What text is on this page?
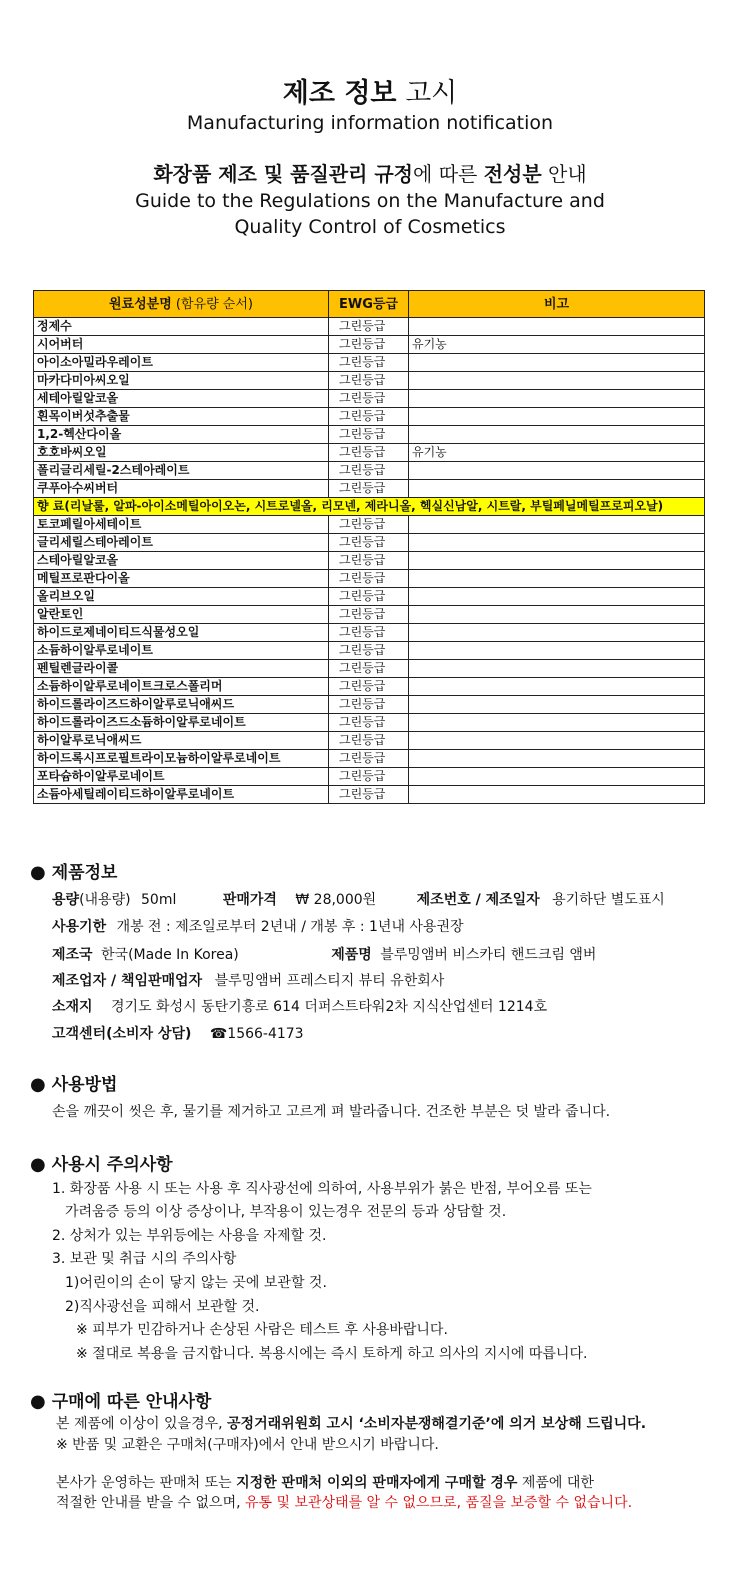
제조 정보 고시
Manufacturing information notification
화장품 제조 및 품질관리 규정에 따른 전성분 안내
Guide to the Regulations on the Manufacture and
Quality Control of Cosmetics
원료성분명 (함유량 순서)	EWG등급	비고
정제수	그린등급	
시어버터	그린등급	유기농
아이소아밀라우레이트	그린등급	
마카다미아씨오일	그린등급	
세테아릴알코올	그린등급	
흰목이버섯추출물	그린등급	
1,2-헥산다이올	그린등급	
호호바씨오일	그린등급	유기농
폴리글리세릴-2스테아레이트	그린등급	
쿠푸아수씨버터	그린등급	
향 료(리날룰, 알파-아이소메틸아이오논, 시트로넬올, 리모넨, 제라니올, 헥실신남알, 시트랄, 부틸페닐메틸프로피오날)		
토코페릴아세테이트	그린등급	
글리세릴스테아레이트	그린등급	
스테아릴알코올	그린등급	
메틸프로판다이올	그린등급	
올리브오일	그린등급	
알란토인	그린등급	
하이드로제네이티드식물성오일	그린등급	
소듐하이알루로네이트	그린등급	
펜틸렌글라이콜	그린등급	
소듐하이알루로네이트크로스폴리머	그린등급	
하이드롤라이즈드하이알루로닉애씨드	그린등급	
하이드롤라이즈드소듐하이알루로네이트	그린등급	
하이알루로닉애씨드	그린등급	
하이드록시프로필트라이모늄하이알루로네이트	그린등급	
포타슘하이알루로네이트	그린등급	
소듐아세틸레이티드하이알루로네이트	그린등급	
● 제품정보
용량(내용량) 50ml	판매가격 ₩ 28,000원	제조번호 / 제조일자 용기하단 별도표시
사용기한 개봉 전 : 제조일로부터 2년내 / 개봉 후 : 1년내 사용권장
제조국 한국(Made In Korea)	제품명 블루밍앰버 비스카티 핸드크림 앰버
제조업자 / 책임판매업자 블루밍앰버 프레스티지 뷰티 유한회사
소재지 경기도 화성시 동탄기흥로 614 더퍼스트타워2차 지식산업센터 1214호
고객센터(소비자 상담) ☎1566-4173
● 사용방법
손을 깨끗이 씻은 후, 물기를 제거하고 고르게 펴 발라줍니다. 건조한 부분은 덧 발라 줍니다.
● 사용시 주의사항
1. 화장품 사용 시 또는 사용 후 직사광선에 의하여, 사용부위가 붉은 반점, 부어오름 또는
가려움증 등의 이상 증상이나, 부작용이 있는경우 전문의 등과 상담할 것.
2. 상처가 있는 부위등에는 사용을 자제할 것.
3. 보관 및 취급 시의 주의사항
1)어린이의 손이 닿지 않는 곳에 보관할 것.
2)직사광선을 피해서 보관할 것.
※ 피부가 민감하거나 손상된 사람은 테스트 후 사용바랍니다.
※ 절대로 복용을 금지합니다. 복용시에는 즉시 토하게 하고 의사의 지시에 따릅니다.
● 구매에 따른 안내사항
본 제품에 이상이 있을경우, 공정거래위원회 고시 ‘소비자분쟁해결기준’에 의거 보상해 드립니다.
※ 반품 및 교환은 구매처(구매자)에서 안내 받으시기 바랍니다.
본사가 운영하는 판매처 또는 지정한 판매처 이외의 판매자에게 구매할 경우 제품에 대한
적절한 안내를 받을 수 없으며, 유통 및 보관상태를 알 수 없으므로, 품질을 보증할 수 없습니다.
